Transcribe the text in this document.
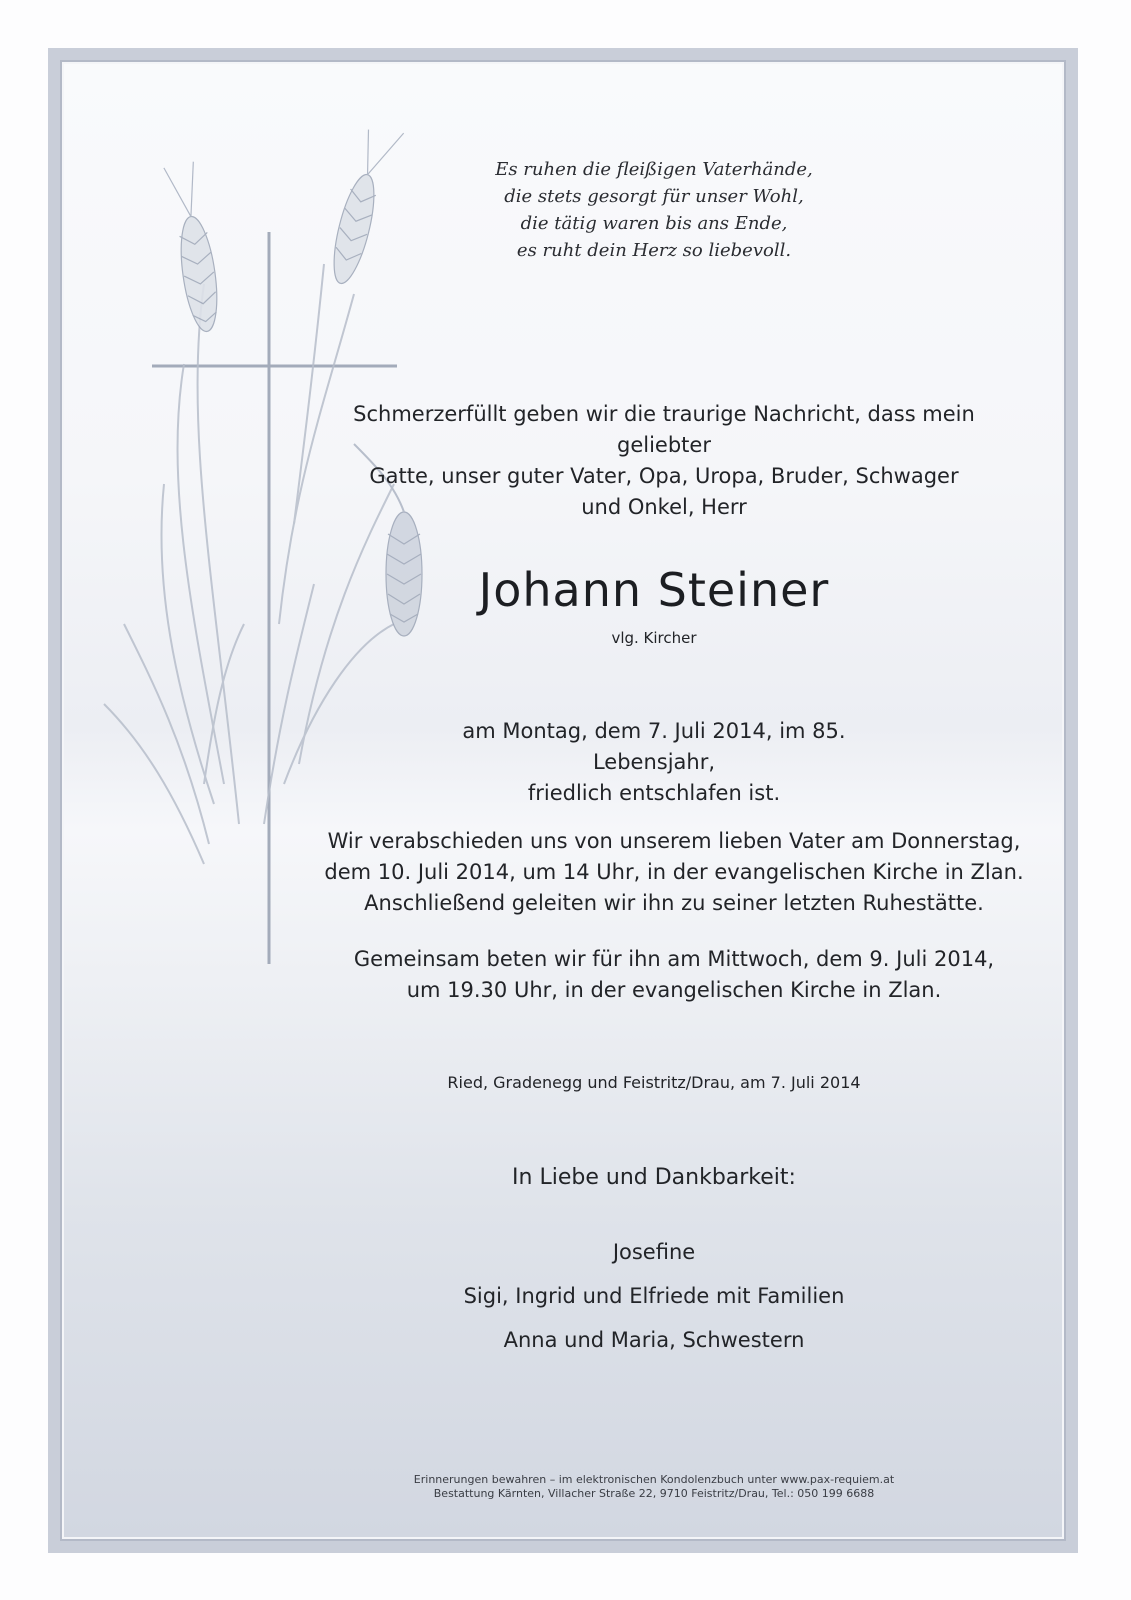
Es ruhen die fleißigen Vaterhände,
die stets gesorgt für unser Wohl,
die tätig waren bis ans Ende,
es ruht dein Herz so liebevoll.
Schmerzerfüllt geben wir die traurige Nachricht, dass mein geliebter
Gatte, unser guter Vater, Opa, Uropa, Bruder, Schwager
und Onkel, Herr
Johann Steiner
vlg. Kircher
am Montag, dem 7. Juli 2014, im 85. Lebensjahr,
friedlich entschlafen ist.
Wir verabschieden uns von unserem lieben Vater am Donnerstag,
dem 10. Juli 2014, um 14 Uhr, in der evangelischen Kirche in Zlan.
Anschließend geleiten wir ihn zu seiner letzten Ruhestätte.
Gemeinsam beten wir für ihn am Mittwoch, dem 9. Juli 2014,
um 19.30 Uhr, in der evangelischen Kirche in Zlan.
Ried, Gradenegg und Feistritz/Drau, am 7. Juli 2014
In Liebe und Dankbarkeit:
Josefine
Sigi, Ingrid und Elfriede mit Familien
Anna und Maria, Schwestern
Erinnerungen bewahren – im elektronischen Kondolenzbuch unter www.pax-requiem.at
Bestattung Kärnten, Villacher Straße 22, 9710 Feistritz/Drau, Tel.: 050 199 6688
